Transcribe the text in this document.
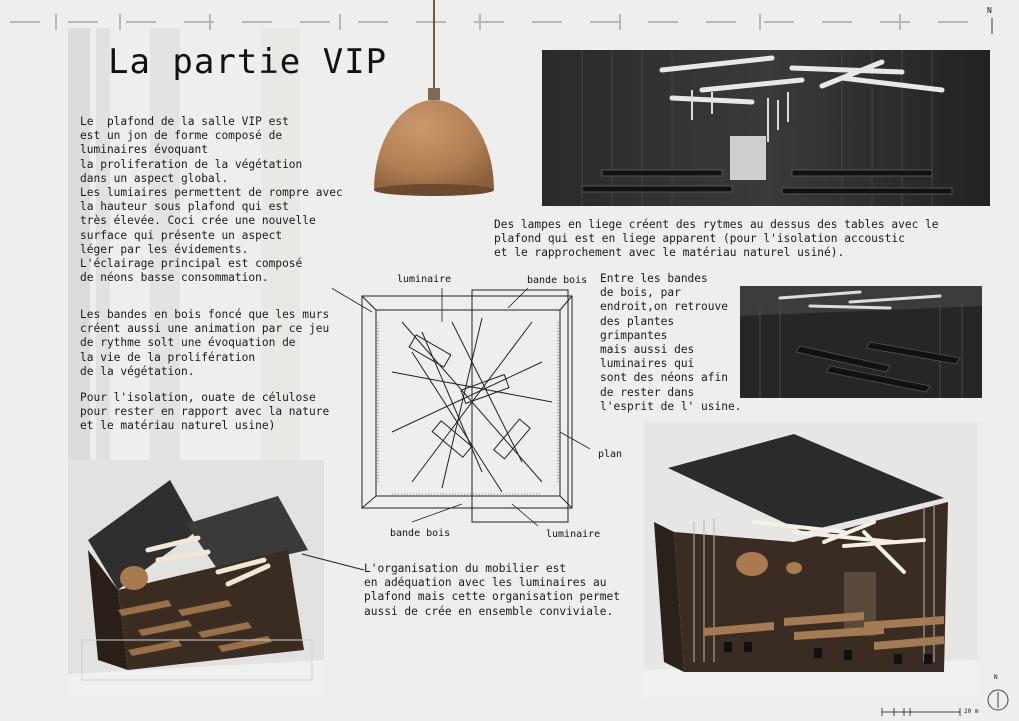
N
La partie VIP
Le  plafond de la salle VIP est
est un jon de forme composé de
luminaires évoquant
la proliferation de la végétation
dans un aspect global.
Les lumiaires permettent de rompre avec
la hauteur sous plafond qui est
très élevée. Coci crée une nouvelle
surface qui présente un aspect
léger par les évidements.
L'éclairage principal est composé
de néons basse consommation.
Les bandes en bois foncé que les murs
créent aussi une animation par ce jeu
de rythme solt une évoquation de
la vie de la prolifération
de la végétation.
Pour l'isolation, ouate de célulose
pour rester en rapport avec la nature
et le matériau naturel usine)
Des lampes en liege créent des rytmes au dessus des tables avec le
plafond qui est en liege apparent (pour l'isolation accoustic
et le rapprochement avec le matériau naturel usiné).
luminaire	bande bois
plan
bande bois	luminaire
Entre les bandes
de bois, par
endroit,on retrouve
des plantes
grimpantes
mais aussi des
luminaires qui
sont des néons afin
de rester dans
l'esprit de l' usine.
L'organisation du mobilier est
en adéquation avec les luminaires au
plafond mais cette organisation permet
aussi de crée en ensemble conviviale.
20 m
N
